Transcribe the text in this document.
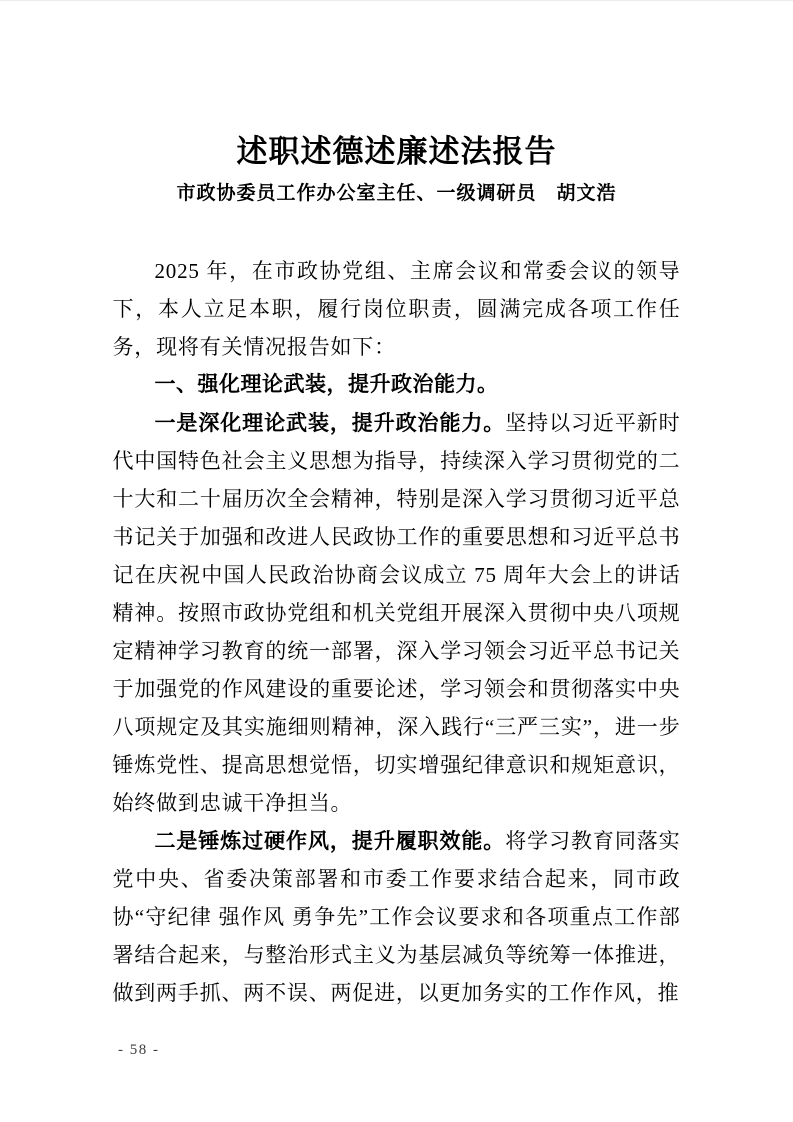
述职述德述廉述法报告
市政协委员工作办公室主任、一级调研员　胡文浩

2025 年，在市政协党组、主席会议和常委会议的领导下，本人立足本职，履行岗位职责，圆满完成各项工作任务，现将有关情况报告如下：

一、强化理论武装，提升政治能力。

一是深化理论武装，提升政治能力。坚持以习近平新时代中国特色社会主义思想为指导，持续深入学习贯彻党的二十大和二十届历次全会精神，特别是深入学习贯彻习近平总书记关于加强和改进人民政协工作的重要思想和习近平总书记在庆祝中国人民政治协商会议成立 75 周年大会上的讲话精神。按照市政协党组和机关党组开展深入贯彻中央八项规定精神学习教育的统一部署，深入学习领会习近平总书记关于加强党的作风建设的重要论述，学习领会和贯彻落实中央八项规定及其实施细则精神，深入践行“三严三实”，进一步锤炼党性、提高思想觉悟，切实增强纪律意识和规矩意识，始终做到忠诚干净担当。

二是锤炼过硬作风，提升履职效能。将学习教育同落实党中央、省委决策部署和市委工作要求结合起来，同市政协“守纪律 强作风 勇争先”工作会议要求和各项重点工作部署结合起来，与整治形式主义为基层减负等统筹一体推进，做到两手抓、两不误、两促进，以更加务实的工作作风，推

- 58 -
